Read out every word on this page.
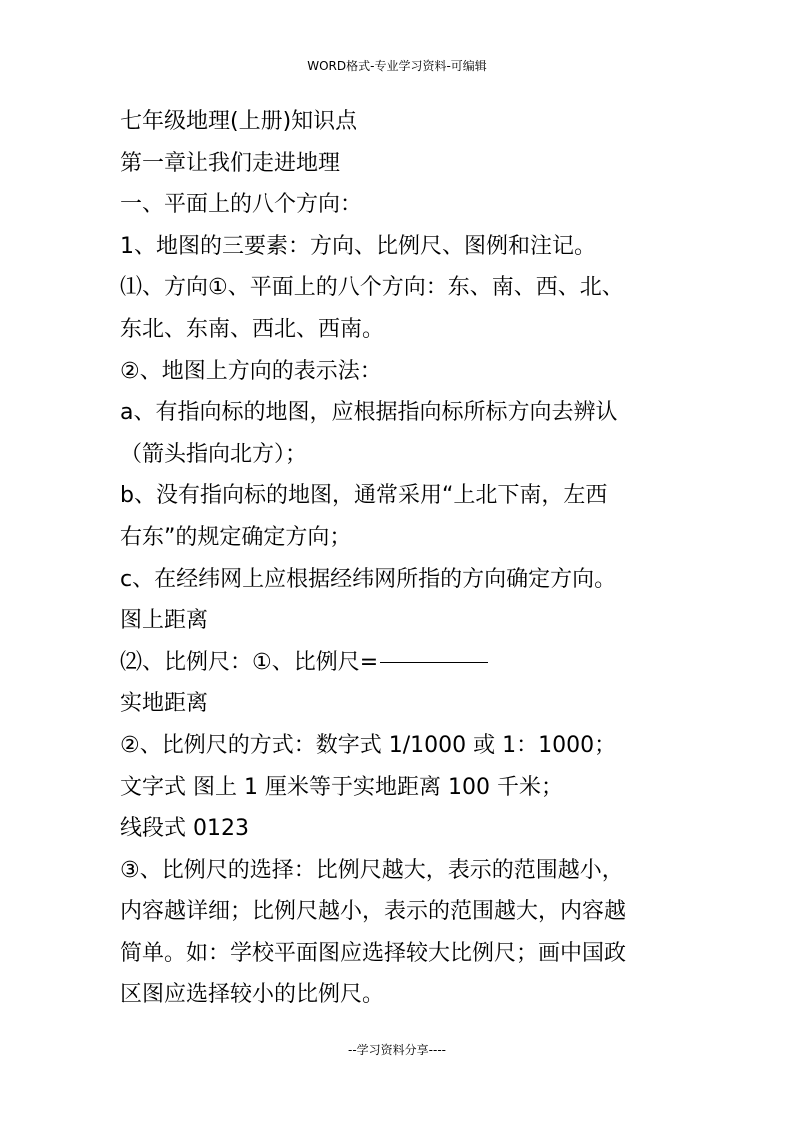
WORD格式-专业学习资料-可编辑
七年级地理(上册)知识点
第一章让我们走进地理
一、平面上的八个方向：
1、地图的三要素：方向、比例尺、图例和注记。
⑴、方向①、平面上的八个方向：东、南、西、北、
东北、东南、西北、西南。
②、地图上方向的表示法：
a、有指向标的地图，应根据指向标所标方向去辨认
（箭头指向北方）；
b、没有指向标的地图，通常采用“上北下南，左西
右东”的规定确定方向；
c、在经纬网上应根据经纬网所指的方向确定方向。
图上距离
⑵、比例尺：①、比例尺=
实地距离
②、比例尺的方式：数字式 1/1000 或 1：1000；
文字式 图上 1 厘米等于实地距离 100 千米；
线段式 0123
③、比例尺的选择：比例尺越大，表示的范围越小，
内容越详细；比例尺越小，表示的范围越大，内容越
简单。如：学校平面图应选择较大比例尺；画中国政
区图应选择较小的比例尺。
--学习资料分享----
